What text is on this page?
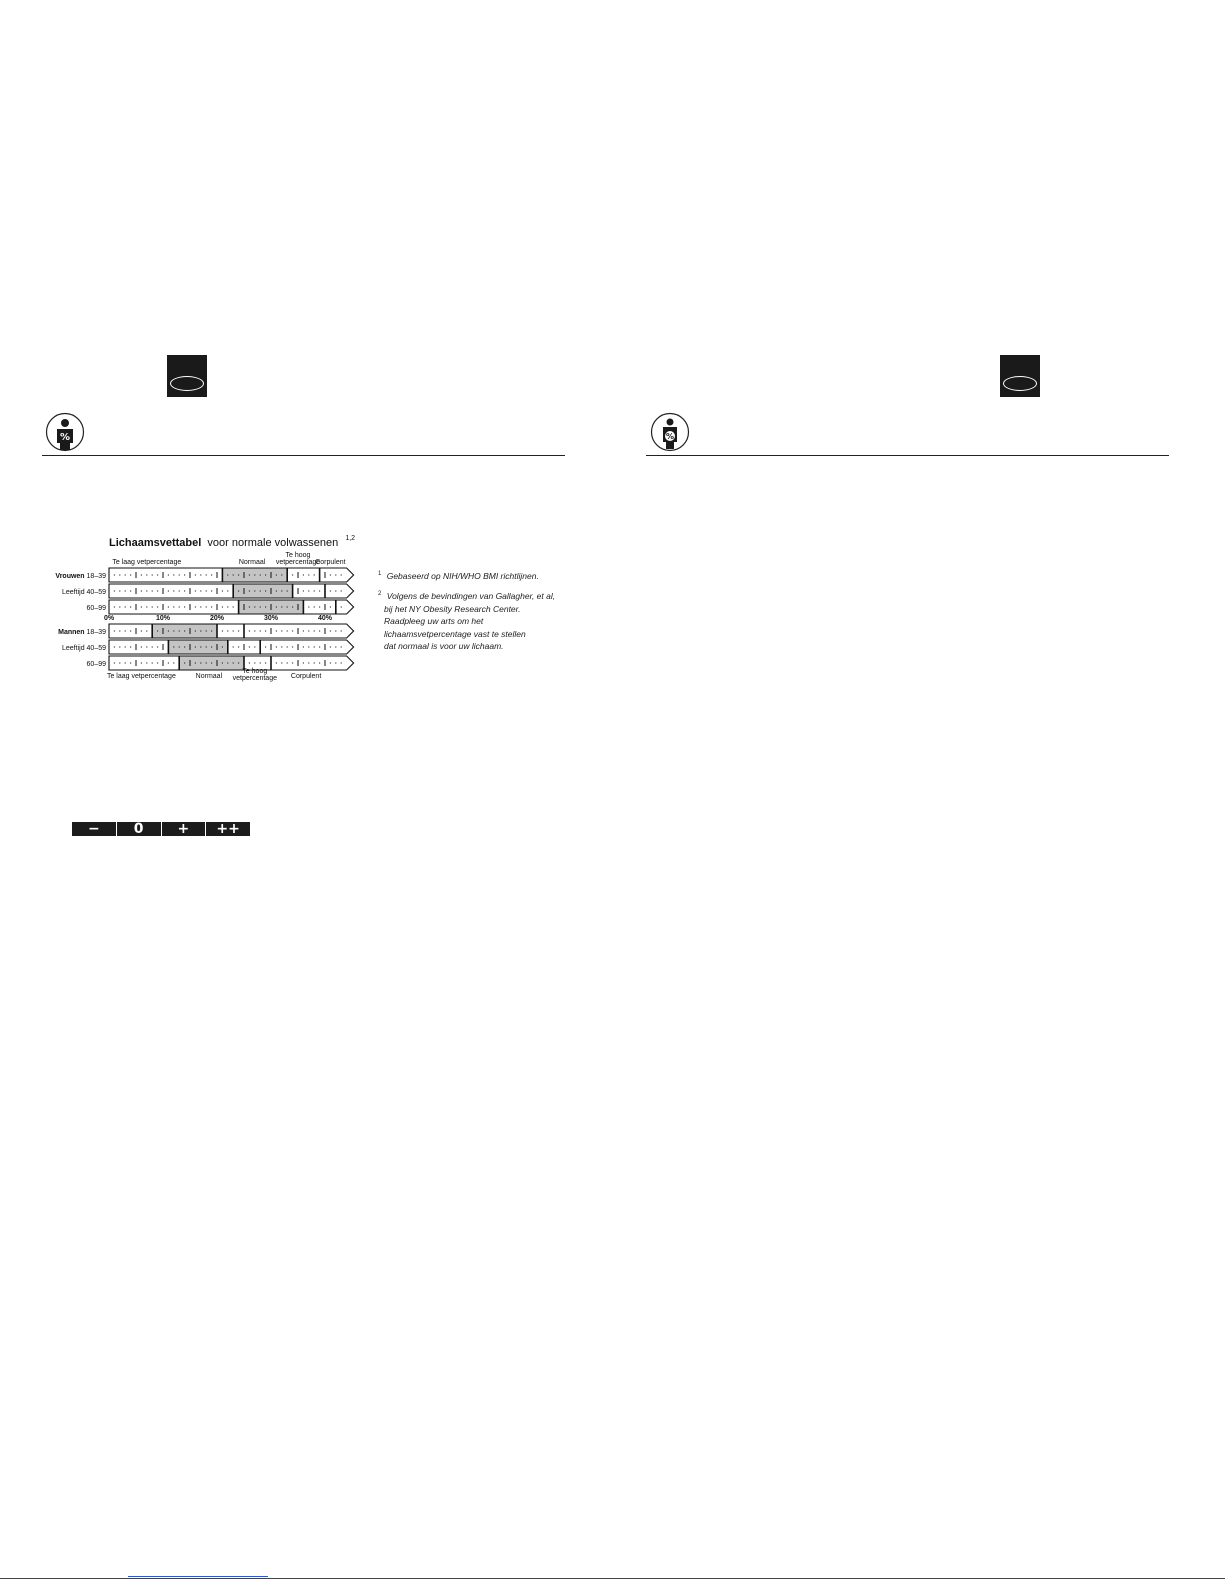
%	%
Lichaamsvettabel voor normale volwassenen $^{1,2}$
Te laag vetpercentage	Normaal
Te hoog
vetpercentage
Corpulent
Vrouwen 18–39
Leeftijd 40–59
60–99
Mannen 18–39
Leeftijd 40–59
60–99
0%	10%	20%	30%	40%
Te laag vetpercentage	Normaal
Te hoog
vetpercentage Corpulent
$^1$ Gebaseerd op NIH/WHO BMI richtlijnen.
$^2$ Volgens de bevindingen van Gallagher, et al,
bij het NY Obesity Research Center.
Raadpleeg uw arts om het
lichaamsvetpercentage vast te stellen
dat normaal is voor uw lichaam.
−	0	+	++
